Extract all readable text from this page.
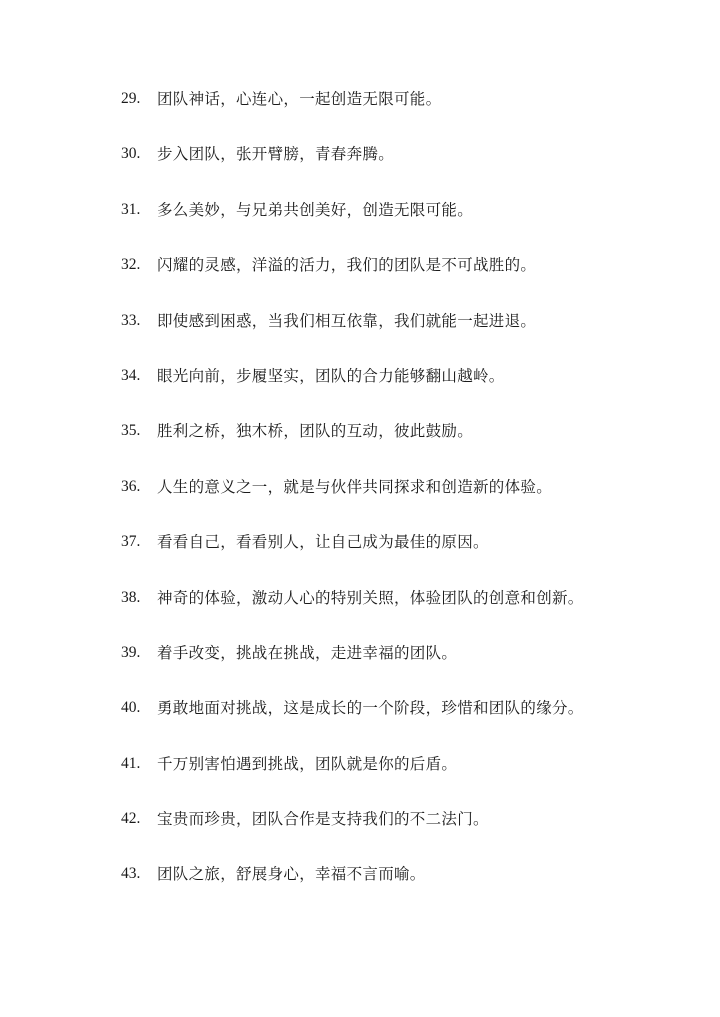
29.	团队神话，心连心，一起创造无限可能。
30.	步入团队，张开臂膀，青春奔腾。
31.	多么美妙，与兄弟共创美好，创造无限可能。
32.	闪耀的灵感，洋溢的活力，我们的团队是不可战胜的。
33.	即使感到困惑，当我们相互依靠，我们就能一起进退。
34.	眼光向前，步履坚实，团队的合力能够翻山越岭。
35.	胜利之桥，独木桥，团队的互动，彼此鼓励。
36.	人生的意义之一，就是与伙伴共同探求和创造新的体验。
37.	看看自己，看看别人，让自己成为最佳的原因。
38.	神奇的体验，激动人心的特别关照，体验团队的创意和创新。
39.	着手改变，挑战在挑战，走进幸福的团队。
40.	勇敢地面对挑战，这是成长的一个阶段，珍惜和团队的缘分。
41.	千万别害怕遇到挑战，团队就是你的后盾。
42.	宝贵而珍贵，团队合作是支持我们的不二法门。
43.	团队之旅，舒展身心，幸福不言而喻。
